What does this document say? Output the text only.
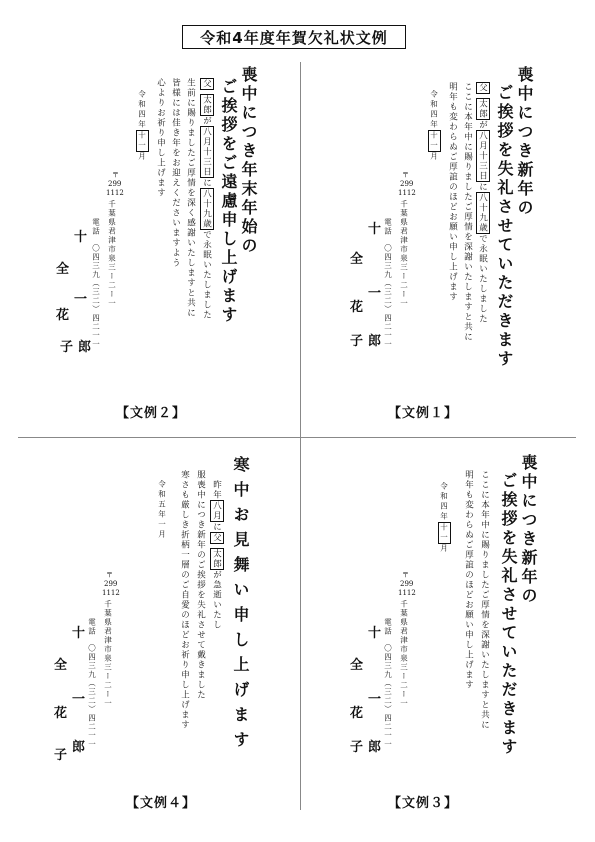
令和4年度年賀欠礼状文例
喪中につき新年の
ご挨拶を失礼させていただきます
父 太郎が八月十三日に八十九歳で永眠いたしました
ここに本年中に賜りましたご厚情を深謝いたしますと共に
明年も変わらぬご厚誼のほどお願い申し上げます
令和四年十一月
〒
299
1112
千葉県君津市泉三ー二ー一
電話　〇四三九（三二）四二一一
十
一
郎
全
花
子
【文例１】
喪中につき年末年始の
ご挨拶をご遠慮申し上げます
父 太郎が八月十三日に八十九歳で永眠いたしました
生前に賜りましたご厚情を深く感謝いたしますと共に
皆様には佳き年をお迎えくださいますよう
心よりお祈り申し上げます
令和四年十一月
〒
299
1112
千葉県君津市泉三ー二ー一
電話　〇四三九（三二）四二一一
十
一
郎
全
花
子
【文例２】
喪中につき新年の
ご挨拶を失礼させていただきます
ここに本年中に賜りましたご厚情を深謝いたしますと共に
明年も変わらぬご厚誼のほどお願い申し上げます
令和四年十一月
〒
299
1112
千葉県君津市泉三ー二ー一
電話　〇四三九（三二）四二一一
十
一
郎
全
花
子
【文例３】
寒中お見舞い申し上げます
昨年八月に父 太郎が急逝いたし
服喪中につき新年のご挨拶を失礼させて戴きました
寒さも厳しき折柄一層のご自愛のほどお祈り申し上げます
令和五年一月
〒
299
1112
千葉県君津市泉三ー二ー一
電話　〇四三九（三二）四二一一
十
一
郎
全
花
子
【文例４】
